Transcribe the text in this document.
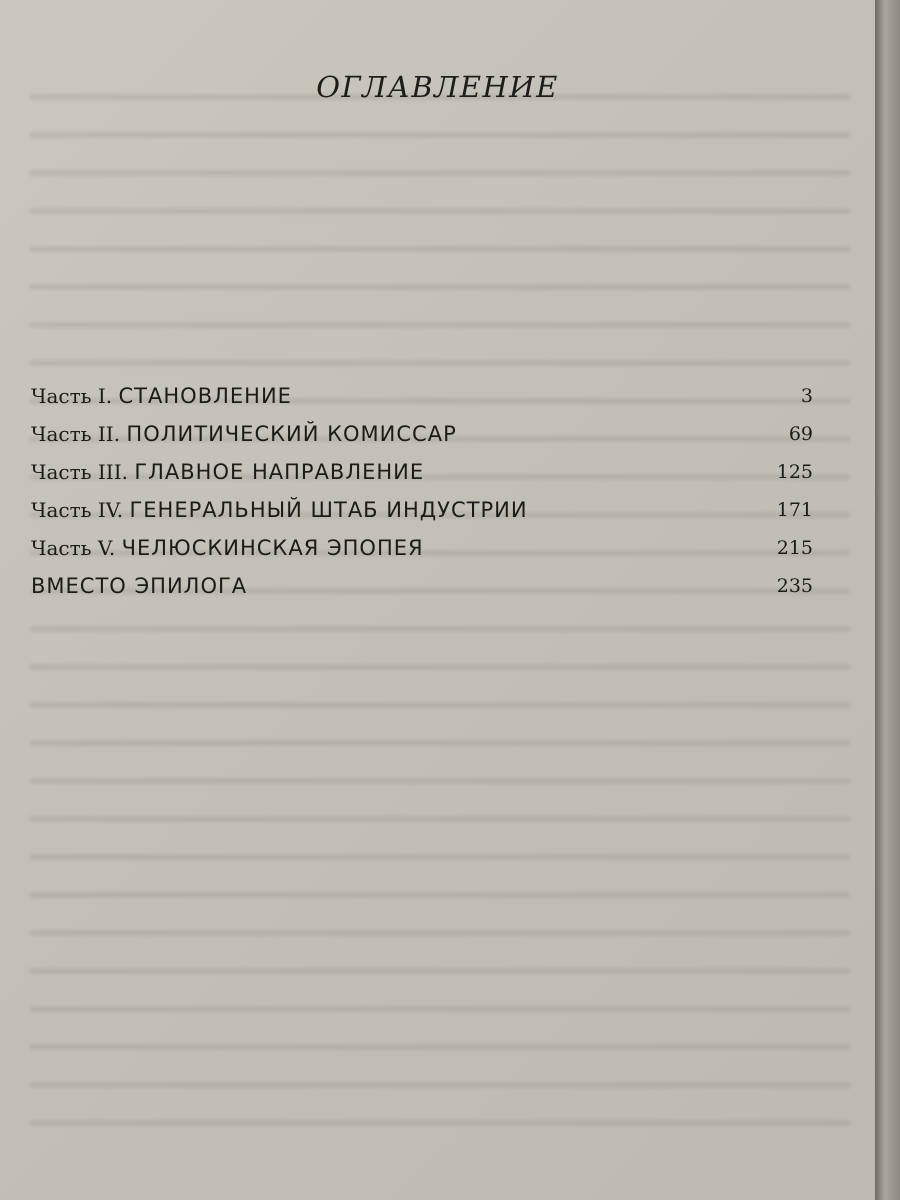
ОГЛАВЛЕНИЕ
Часть I. СТАНОВЛЕНИЕ	3
Часть II. ПОЛИТИЧЕСКИЙ КОМИССАР	69
Часть III. ГЛАВНОЕ НАПРАВЛЕНИЕ	125
Часть IV. ГЕНЕРАЛЬНЫЙ ШТАБ ИНДУСТРИИ	171
Часть V. ЧЕЛЮСКИНСКАЯ ЭПОПЕЯ	215
ВМЕСТО ЭПИЛОГА	235
